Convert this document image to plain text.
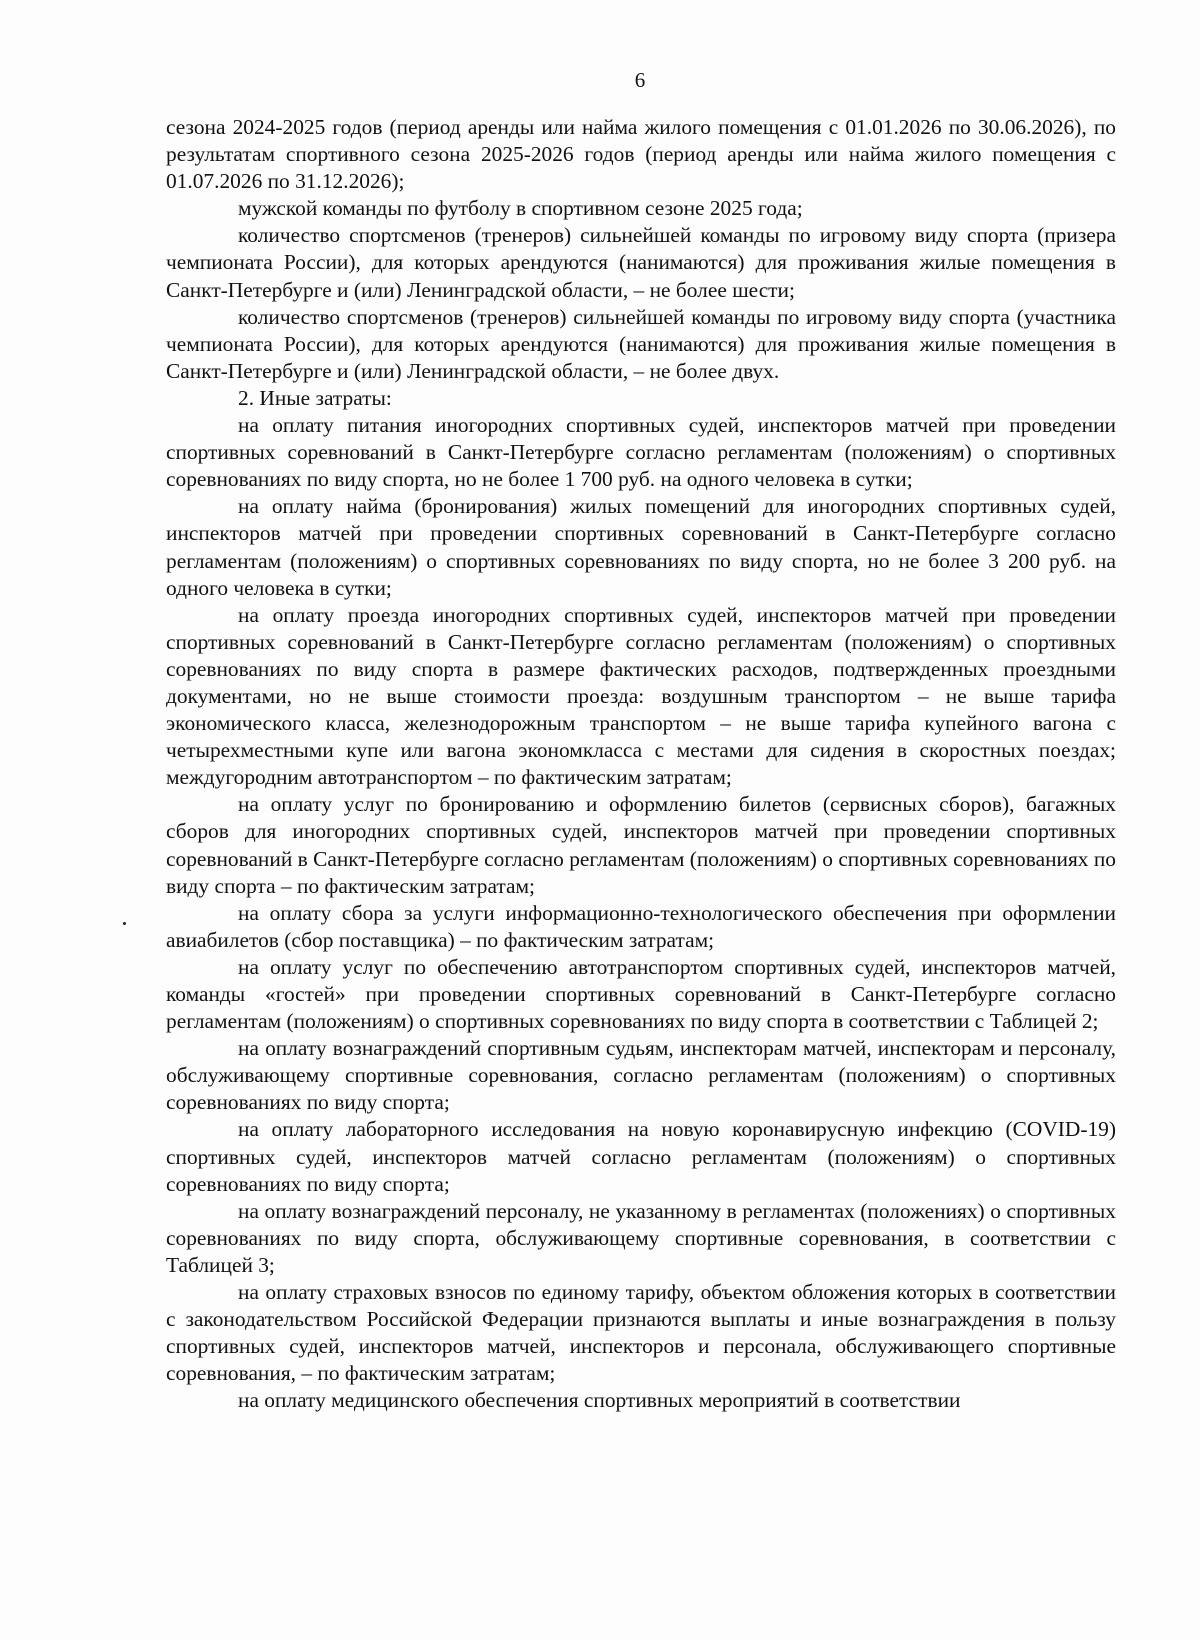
6

сезона 2024-2025 годов (период аренды или найма жилого помещения с 01.01.2026 по 30.06.2026), по результатам спортивного сезона 2025-2026 годов (период аренды или найма жилого помещения с 01.07.2026 по 31.12.2026);

мужской команды по футболу в спортивном сезоне 2025 года;

количество спортсменов (тренеров) сильнейшей команды по игровому виду спорта (призера чемпионата России), для которых арендуются (нанимаются) для проживания жилые помещения в Санкт-Петербурге и (или) Ленинградской области, – не более шести;

количество спортсменов (тренеров) сильнейшей команды по игровому виду спорта (участника чемпионата России), для которых арендуются (нанимаются) для проживания жилые помещения в Санкт-Петербурге и (или) Ленинградской области, – не более двух.

2. Иные затраты:

на оплату питания иногородних спортивных судей, инспекторов матчей при проведении спортивных соревнований в Санкт-Петербурге согласно регламентам (положениям) о спортивных соревнованиях по виду спорта, но не более 1 700 руб. на одного человека в сутки;

на оплату найма (бронирования) жилых помещений для иногородних спортивных судей, инспекторов матчей при проведении спортивных соревнований в Санкт-Петербурге согласно регламентам (положениям) о спортивных соревнованиях по виду спорта, но не более 3 200 руб. на одного человека в сутки;

на оплату проезда иногородних спортивных судей, инспекторов матчей при проведении спортивных соревнований в Санкт-Петербурге согласно регламентам (положениям) о спортивных соревнованиях по виду спорта в размере фактических расходов, подтвержденных проездными документами, но не выше стоимости проезда: воздушным транспортом – не выше тарифа экономического класса, железнодорожным транспортом – не выше тарифа купейного вагона с четырехместными купе или вагона экономкласса с местами для сидения в скоростных поездах; междугородним автотранспортом – по фактическим затратам;

на оплату услуг по бронированию и оформлению билетов (сервисных сборов), багажных сборов для иногородних спортивных судей, инспекторов матчей при проведении спортивных соревнований в Санкт-Петербурге согласно регламентам (положениям) о спортивных соревнованиях по виду спорта – по фактическим затратам;

на оплату сбора за услуги информационно-технологического обеспечения при оформлении авиабилетов (сбор поставщика) – по фактическим затратам;

на оплату услуг по обеспечению автотранспортом спортивных судей, инспекторов матчей, команды «гостей» при проведении спортивных соревнований в Санкт-Петербурге согласно регламентам (положениям) о спортивных соревнованиях по виду спорта в соответствии с Таблицей 2;

на оплату вознаграждений спортивным судьям, инспекторам матчей, инспекторам и персоналу, обслуживающему спортивные соревнования, согласно регламентам (положениям) о спортивных соревнованиях по виду спорта;

на оплату лабораторного исследования на новую коронавирусную инфекцию (COVID-19) спортивных судей, инспекторов матчей согласно регламентам (положениям) о спортивных соревнованиях по виду спорта;

на оплату вознаграждений персоналу, не указанному в регламентах (положениях) о спортивных соревнованиях по виду спорта, обслуживающему спортивные соревнования, в соответствии с Таблицей 3;

на оплату страховых взносов по единому тарифу, объектом обложения которых в соответствии с законодательством Российской Федерации признаются выплаты и иные вознаграждения в пользу спортивных судей, инспекторов матчей, инспекторов и персонала, обслуживающего спортивные соревнования, – по фактическим затратам;

на оплату медицинского обеспечения спортивных мероприятий в соответствии
